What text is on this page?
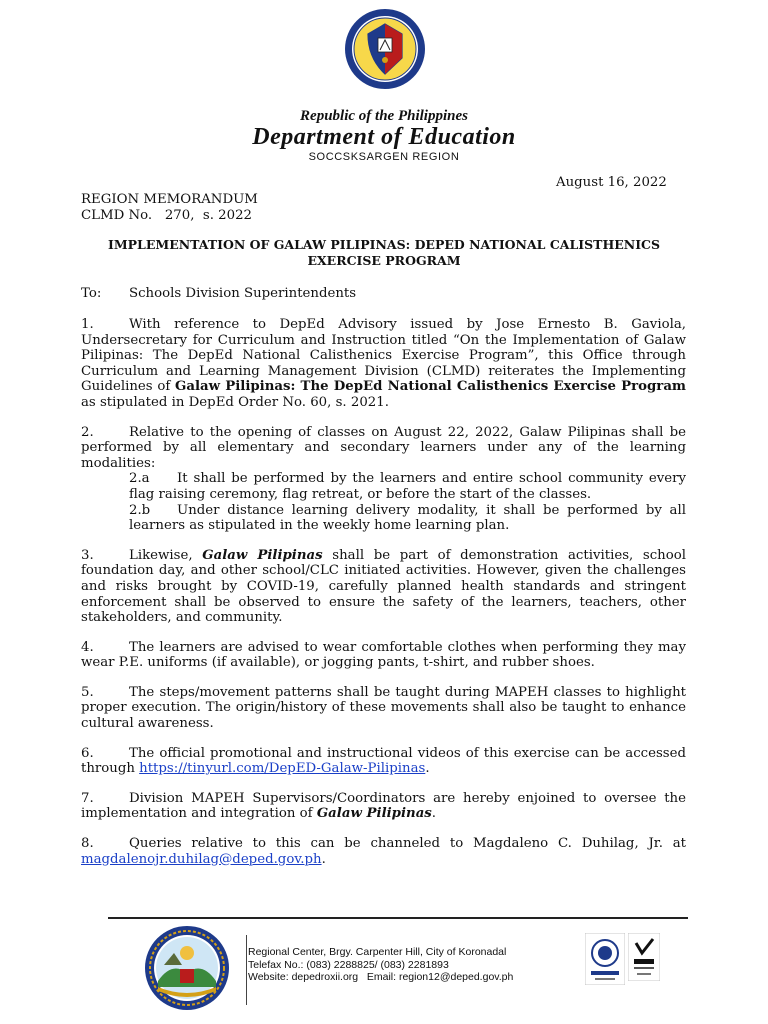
Republic of the Philippines
Department of Education
SOCCSKSARGEN REGION
August 16, 2022
REGION MEMORANDUM
CLMD No.   270,  s. 2022
IMPLEMENTATION OF GALAW PILIPINAS: DEPED NATIONAL CALISTHENICS EXERCISE PROGRAM
To: Schools Division Superintendents
1.	With reference to DepEd Advisory issued by Jose Ernesto B. Gaviola, Undersecretary for Curriculum and Instruction titled “On the Implementation of Galaw Pilipinas: The DepEd National Calisthenics Exercise Program”, this Office through Curriculum and Learning Management Division (CLMD) reiterates the Implementing Guidelines of Galaw Pilipinas: The DepEd National Calisthenics Exercise Program as stipulated in DepEd Order No. 60, s. 2021.
2.	Relative to the opening of classes on August 22, 2022, Galaw Pilipinas shall be performed by all elementary and secondary learners under any of the learning modalities:
2.a It shall be performed by the learners and entire school community every flag raising ceremony, flag retreat, or before the start of the classes.
2.b Under distance learning delivery modality, it shall be performed by all learners as stipulated in the weekly home learning plan.
3.	Likewise, Galaw Pilipinas shall be part of demonstration activities, school foundation day, and other school/CLC initiated activities. However, given the challenges and risks brought by COVID-19, carefully planned health standards and stringent enforcement shall be observed to ensure the safety of the learners, teachers, other stakeholders, and community.
4.	The learners are advised to wear comfortable clothes when performing they may wear P.E. uniforms (if available), or jogging pants, t-shirt, and rubber shoes.
5.	The steps/movement patterns shall be taught during MAPEH classes to highlight proper execution. The origin/history of these movements shall also be taught to enhance cultural awareness.
6.	The official promotional and instructional videos of this exercise can be accessed through https://tinyurl.com/DepED-Galaw-Pilipinas.
7.	Division MAPEH Supervisors/Coordinators are hereby enjoined to oversee the implementation and integration of Galaw Pilipinas.
8.	Queries relative to this can be channeled to Magdaleno C. Duhilag, Jr. at magdalenojr.duhilag@deped.gov.ph.
Regional Center, Brgy. Carpenter Hill, City of Koronadal
Telefax No.: (083) 2288825/ (083) 2281893
Website: depedroxii.org   Email: region12@deped.gov.ph
